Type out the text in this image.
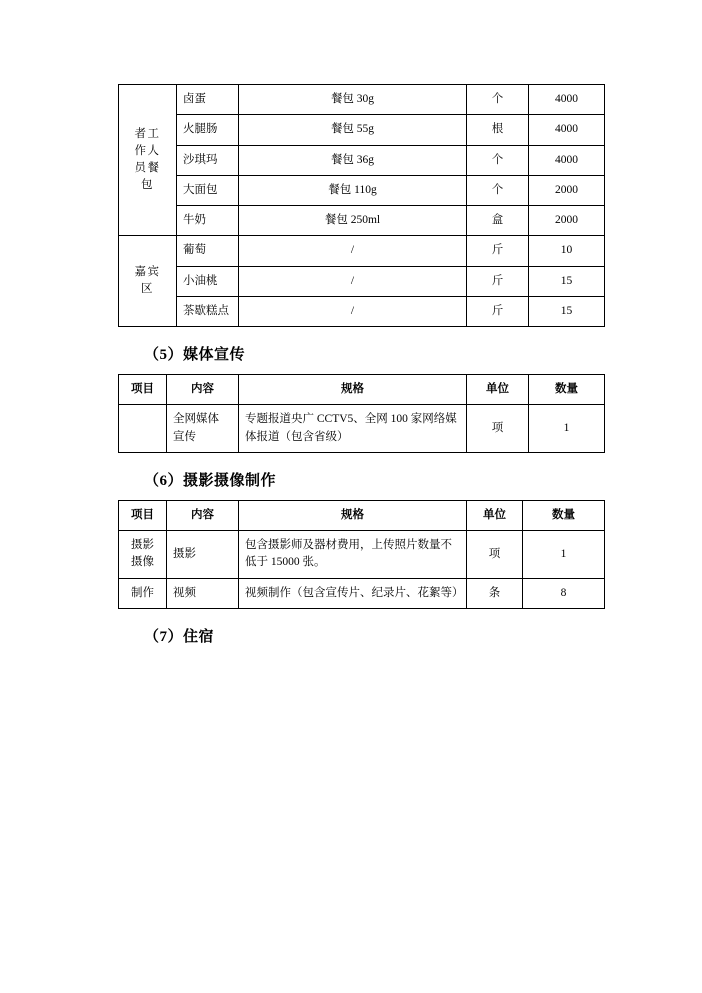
者工
作人
员餐
包	卤蛋	餐包 30g	个	4000
	火腿肠	餐包 55g	根	4000
	沙琪玛	餐包 36g	个	4000
	大面包	餐包 110g	个	2000
	牛奶	餐包 250ml	盒	2000

嘉宾
区	葡萄	/	斤	10
	小油桃	/	斤	15
	茶歇糕点	/	斤	15
（5）媒体宣传
项目	内容	规格	单位	数量

	全网媒体
宣传	专题报道央广 CCTV5、全网 100 家网络媒
体报道（包含省级）	项	1
（6）摄影摄像制作
项目	内容	规格	单位	数量

摄影
摄像	摄影	包含摄影师及器材费用，上传照片数量不
低于 15000 张。	项	1

制作	视频	视频制作（包含宣传片、纪录片、花絮等）	条	8
（7）住宿
